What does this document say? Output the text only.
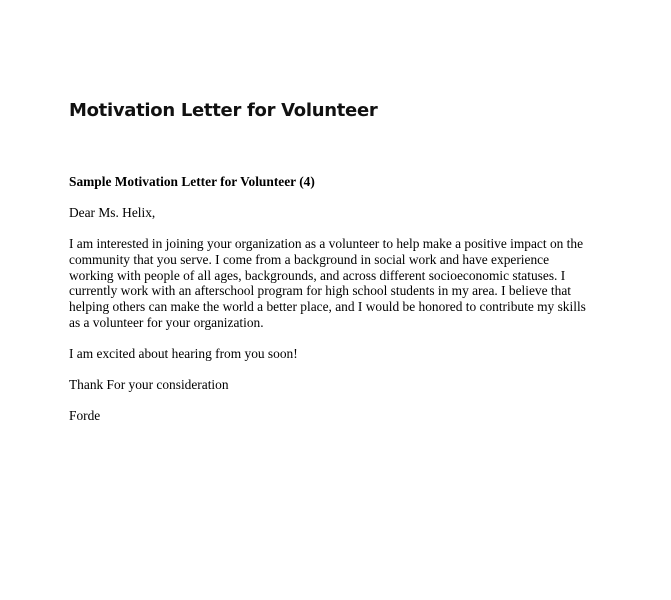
Motivation Letter for Volunteer

Sample Motivation Letter for Volunteer (4)

Dear Ms. Helix,

I am interested in joining your organization as a volunteer to help make a positive impact on the
community that you serve. I come from a background in social work and have experience
working with people of all ages, backgrounds, and across different socioeconomic statuses. I
currently work with an afterschool program for high school students in my area. I believe that
helping others can make the world a better place, and I would be honored to contribute my skills
as a volunteer for your organization.

I am excited about hearing from you soon!

Thank For your consideration

Forde
